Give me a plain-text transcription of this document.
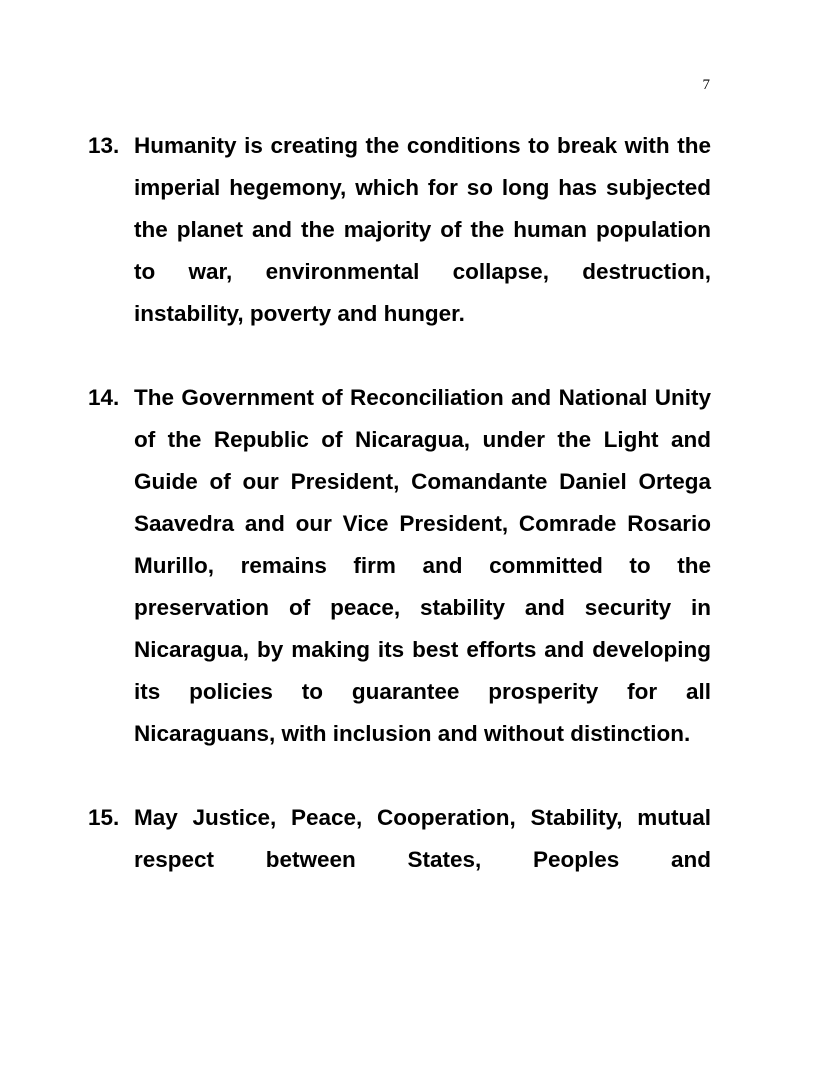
7
13. Humanity is creating the conditions to break with the imperial hegemony, which for so long has subjected the planet and the majority of the human population to war, environmental collapse, destruction, instability, poverty and hunger.
14. The Government of Reconciliation and National Unity of the Republic of Nicaragua, under the Light and Guide of our President, Comandante Daniel Ortega Saavedra and our Vice President, Comrade Rosario Murillo, remains firm and committed to the preservation of peace, stability and security in Nicaragua, by making its best efforts and developing its policies to guarantee prosperity for all Nicaraguans, with inclusion and without distinction.
15. May Justice, Peace, Cooperation, Stability, mutual respect between States, Peoples and
